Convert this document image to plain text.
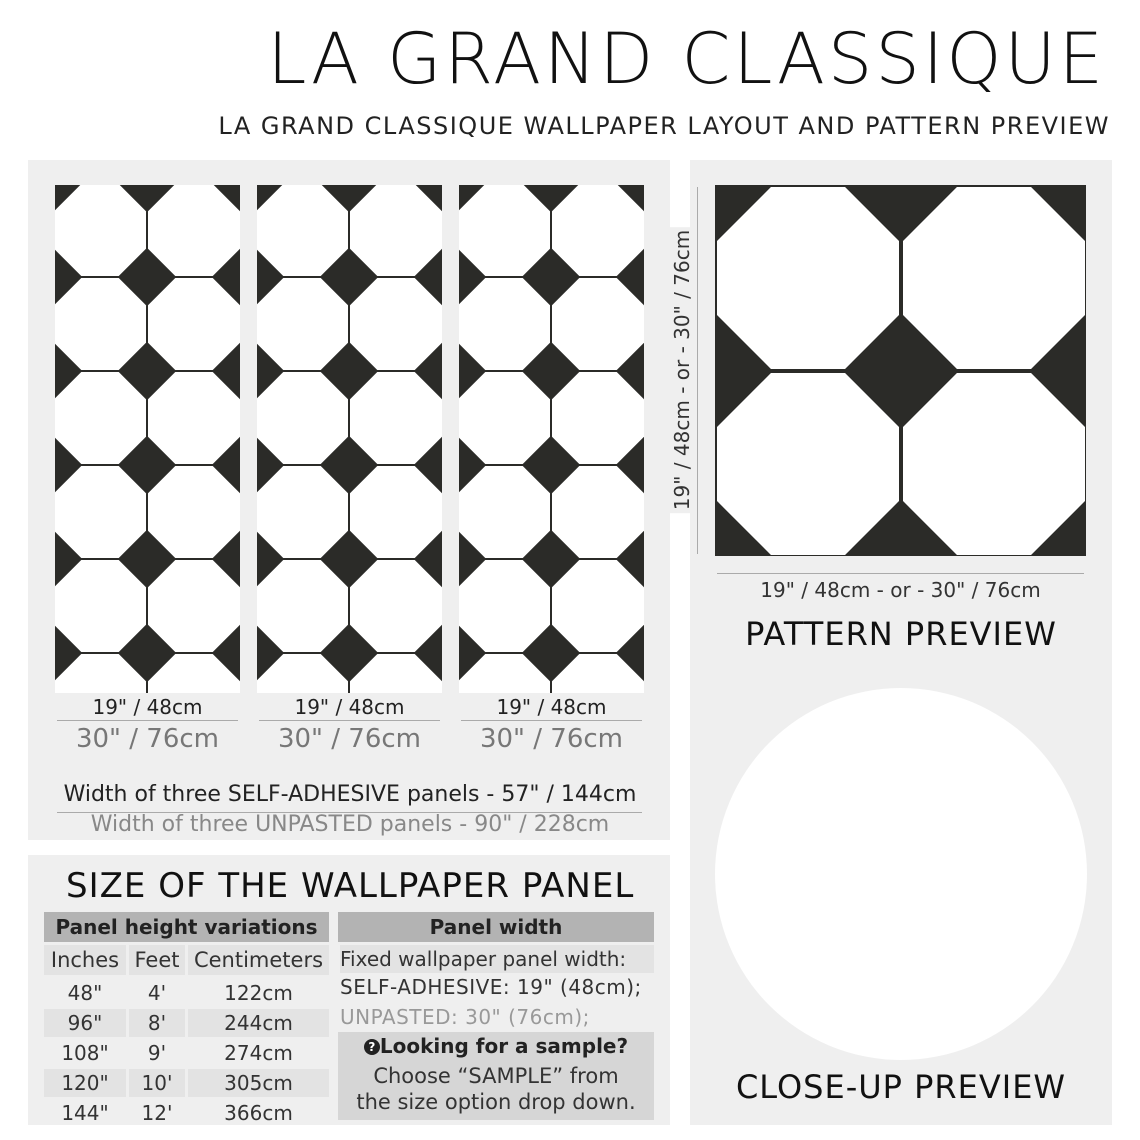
LA GRAND CLASSIQUE
LA GRAND CLASSIQUE WALLPAPER LAYOUT AND PATTERN PREVIEW
19" / 48cm
30" / 76cm
19" / 48cm
30" / 76cm
19" / 48cm
30" / 76cm
Width of three SELF-ADHESIVE panels - 57" / 144cm
Width of three UNPASTED panels - 90" / 228cm
19" / 48cm - or - 30" / 76cm
19" / 48cm - or - 30" / 76cm
PATTERN PREVIEW
CLOSE-UP PREVIEW
SIZE OF THE WALLPAPER PANEL
Panel height variations
Inches Feet Centimeters
48"	4'	122cm
96"	8'	244cm
108"	9'	274cm
120"	10'	305cm
144"	12'	366cm
Panel width
Fixed wallpaper panel width:
SELF-ADHESIVE: 19" (48cm);
UNPASTED: 30" (76cm);
? Looking for a sample?
Choose “SAMPLE” from
the size option drop down.
